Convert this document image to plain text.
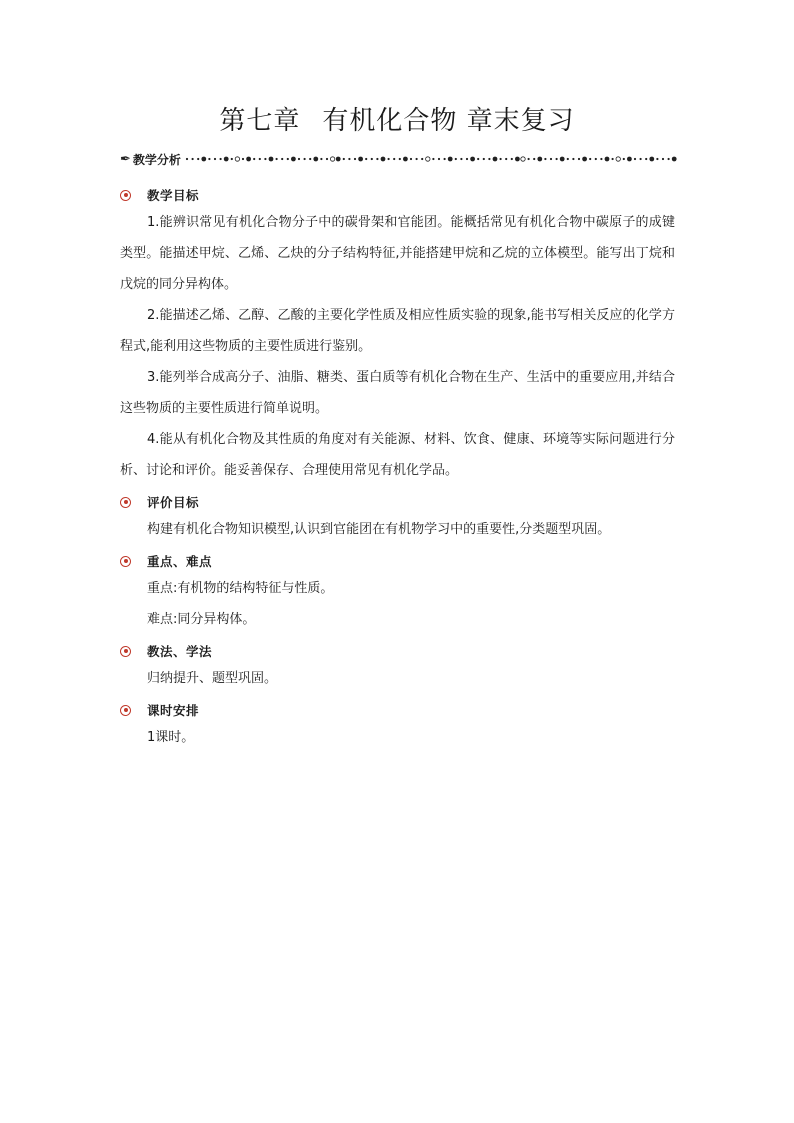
第七章 有机化合物 章末复习
✒ 教学分析
教学目标

1.能辨识常见有机化合物分子中的碳骨架和官能团。能概括常见有机化合物中碳原子的成键类型。能描述甲烷、乙烯、乙炔的分子结构特征,并能搭建甲烷和乙烷的立体模型。能写出丁烷和戊烷的同分异构体。

2.能描述乙烯、乙醇、乙酸的主要化学性质及相应性质实验的现象,能书写相关反应的化学方程式,能利用这些物质的主要性质进行鉴别。

3.能列举合成高分子、油脂、糖类、蛋白质等有机化合物在生产、生活中的重要应用,并结合这些物质的主要性质进行简单说明。

4.能从有机化合物及其性质的角度对有关能源、材料、饮食、健康、环境等实际问题进行分析、讨论和评价。能妥善保存、合理使用常见有机化学品。

评价目标

构建有机化合物知识模型,认识到官能团在有机物学习中的重要性,分类题型巩固。

重点、难点

重点:有机物的结构特征与性质。

难点:同分异构体。

教法、学法

归纳提升、题型巩固。

课时安排

1课时。
